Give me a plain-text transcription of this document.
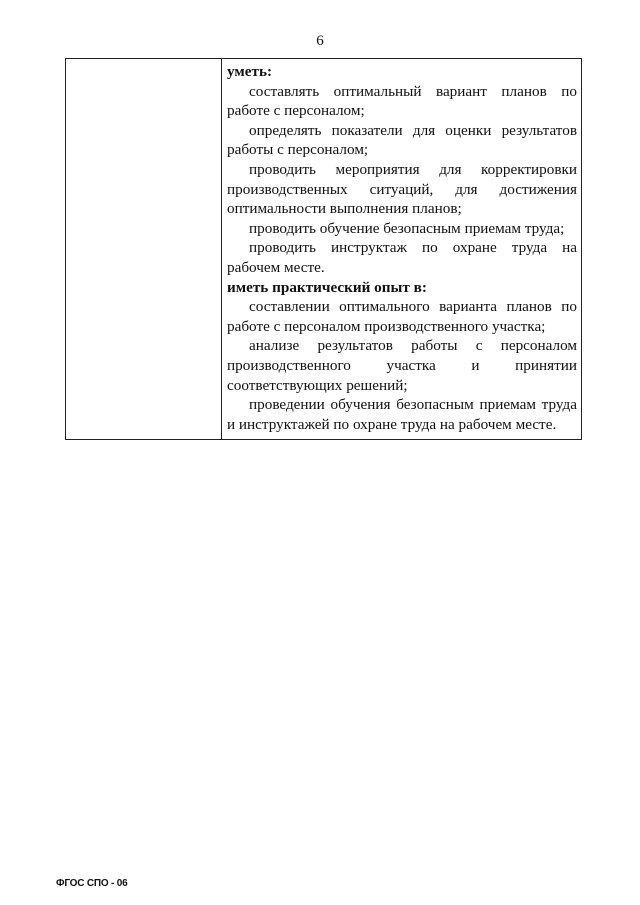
6

уметь:

составлять оптимальный вариант планов по работе с персоналом;

определять показатели для оценки результатов работы с персоналом;

проводить мероприятия для корректировки производственных ситуаций, для достижения оптимальности выполнения планов;

проводить обучение безопасным приемам труда;

проводить инструктаж по охране труда на рабочем месте.

иметь практический опыт в:

составлении оптимального варианта планов по работе с персоналом производственного участка;

анализе результатов работы с персоналом производственного участка и принятии соответствующих решений;

проведении обучения безопасным приемам труда и инструктажей по охране труда на рабочем месте.

ФГОС СПО - 06
